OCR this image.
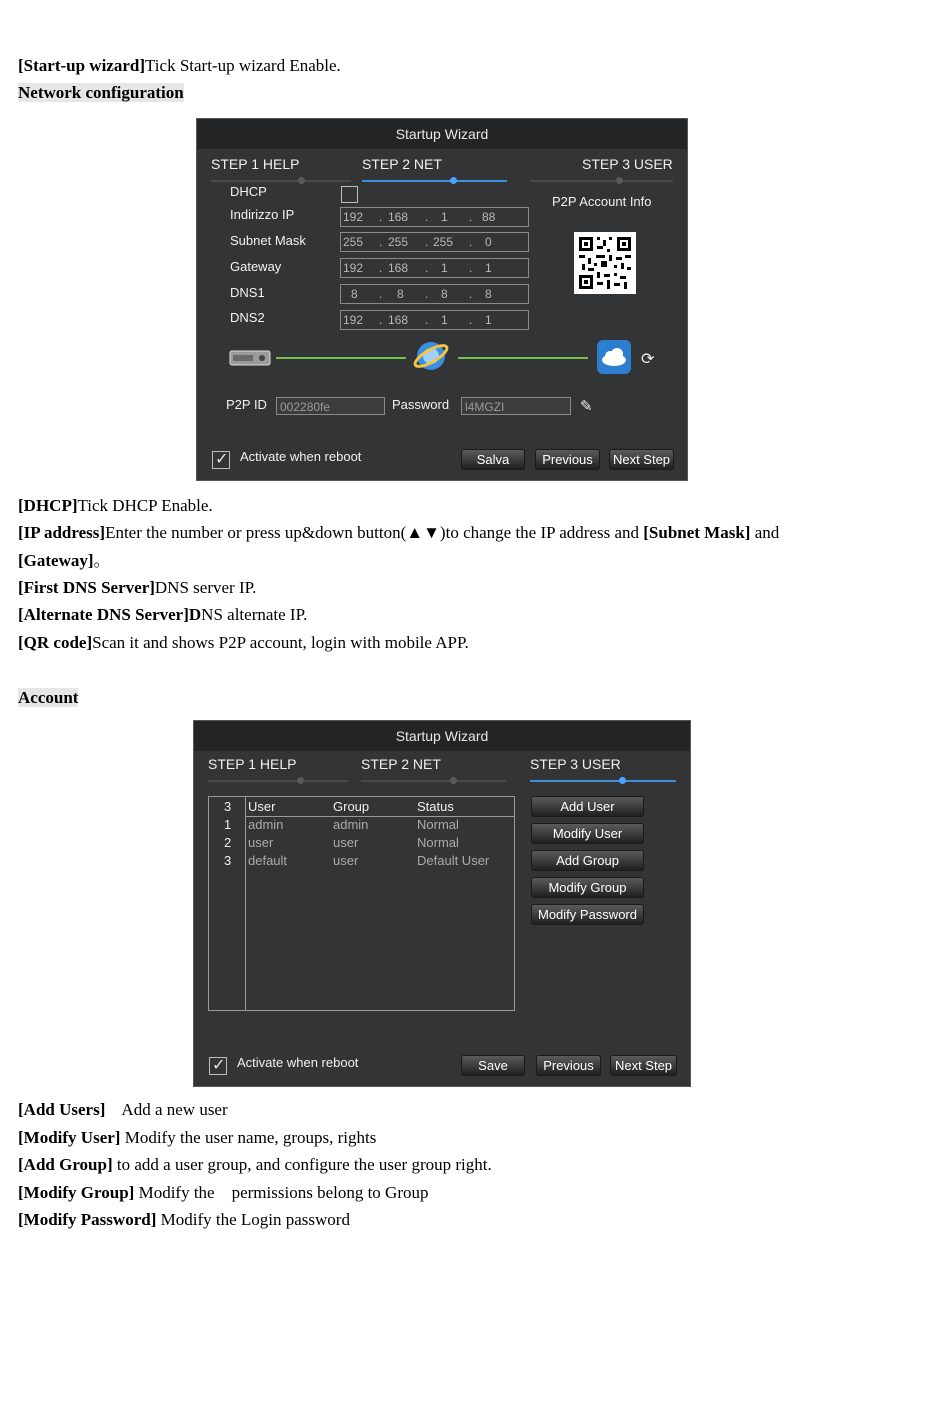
[Start-up wizard]Tick Start-up wizard Enable.
Network configuration
Startup Wizard
STEP 1 HELP	STEP 2 NET	STEP 3 USER
DHCP
Indirizzo IP	192 . 168 . 1 . 88
Subnet Mask	255 . 255 . 255 . 0
Gateway	192 . 168 . 1 . 1
DNS1	8 . 8 . 8 . 8
DNS2	192 . 168 . 1 . 1
P2P Account Info
⟳
P2P ID	002280fe	Password	l4MGZI	✎
✓ Activate when reboot	Salva	Previous	Next Step
[DHCP]Tick DHCP Enable.
[IP address]Enter the number or press up&down button(▲▼)to change the IP address and [Subnet Mask] and
[Gateway]。
[First DNS Server]DNS server IP.
[Alternate DNS Server]DNS alternate IP.
[QR code]Scan it and shows P2P account, login with mobile APP.
Account
Startup Wizard
STEP 1 HELP	STEP 2 NET	STEP 3 USER
3 User	Group	Status
1 admin	admin	Normal
2 user	user	Normal
3 default	user	Default User
Add User
Modify User
Add Group
Modify Group
Modify Password
✓ Activate when reboot	Save	Previous	Next Step
[Add Users]    Add a new user
[Modify User] Modify the user name, groups, rights
[Add Group] to add a user group, and configure the user group right.
[Modify Group] Modify the    permissions belong to Group
[Modify Password] Modify the Login password
